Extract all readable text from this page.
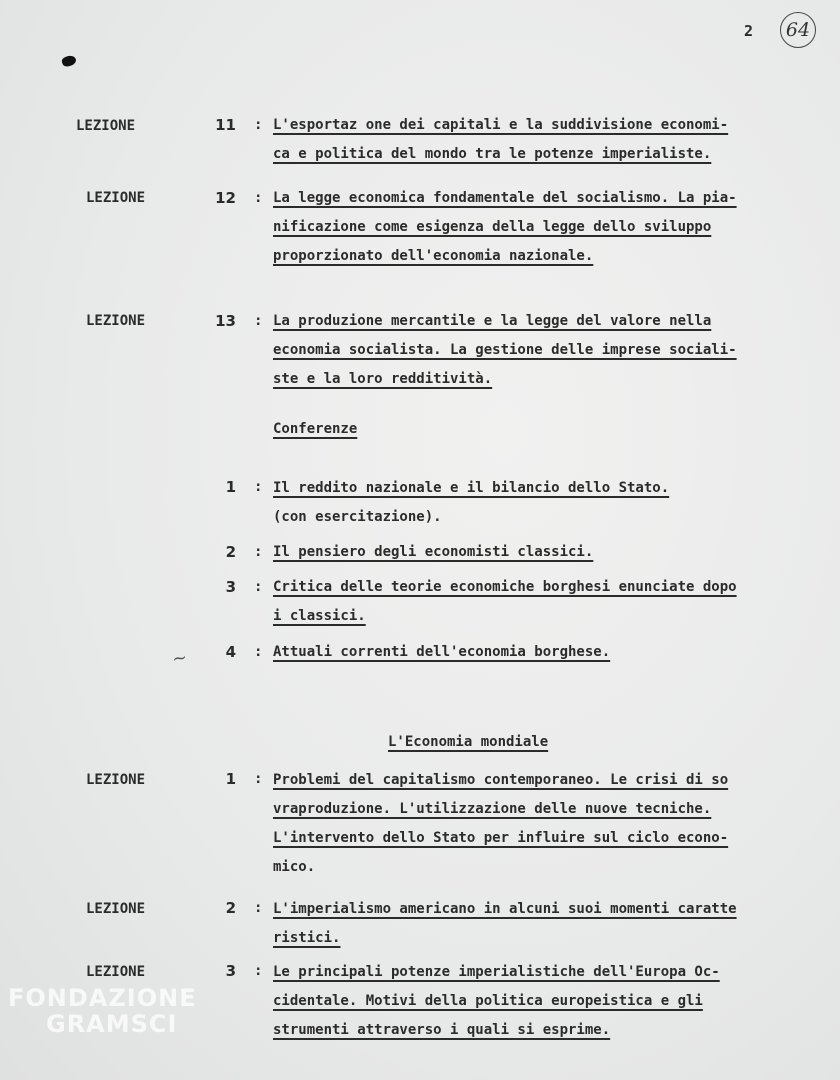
2	64
LEZIONE	11 : L'esportaz one dei capitali e la suddivisione economi-
ca e politica del mondo tra le potenze imperialiste.
LEZIONE	12 : La legge economica fondamentale del socialismo. La pia-
nificazione come esigenza della legge dello sviluppo
proporzionato dell'economia nazionale.
LEZIONE	13 : La produzione mercantile e la legge del valore nella
economia socialista. La gestione delle imprese sociali-
ste e la loro redditività.
Conferenze
1 : Il reddito nazionale e il bilancio dello Stato.
(con esercitazione).
2 : Il pensiero degli economisti classici.
3 : Critica delle teorie economiche borghesi enunciate dopo
i classici.
~	4 : Attuali correnti dell'economia borghese.
L'Economia mondiale
LEZIONE	1 : Problemi del capitalismo contemporaneo. Le crisi di so
vraproduzione. L'utilizzazione delle nuove tecniche.
L'intervento dello Stato per influire sul ciclo econo-
mico.
LEZIONE	2 : L'imperialismo americano in alcuni suoi momenti caratte
ristici.
LEZIONE	3 : Le principali potenze imperialistiche dell'Europa Oc-
cidentale. Motivi della politica europeistica e gli
strumenti attraverso i quali si esprime.
FONDAZIONE
GRAMSCI
